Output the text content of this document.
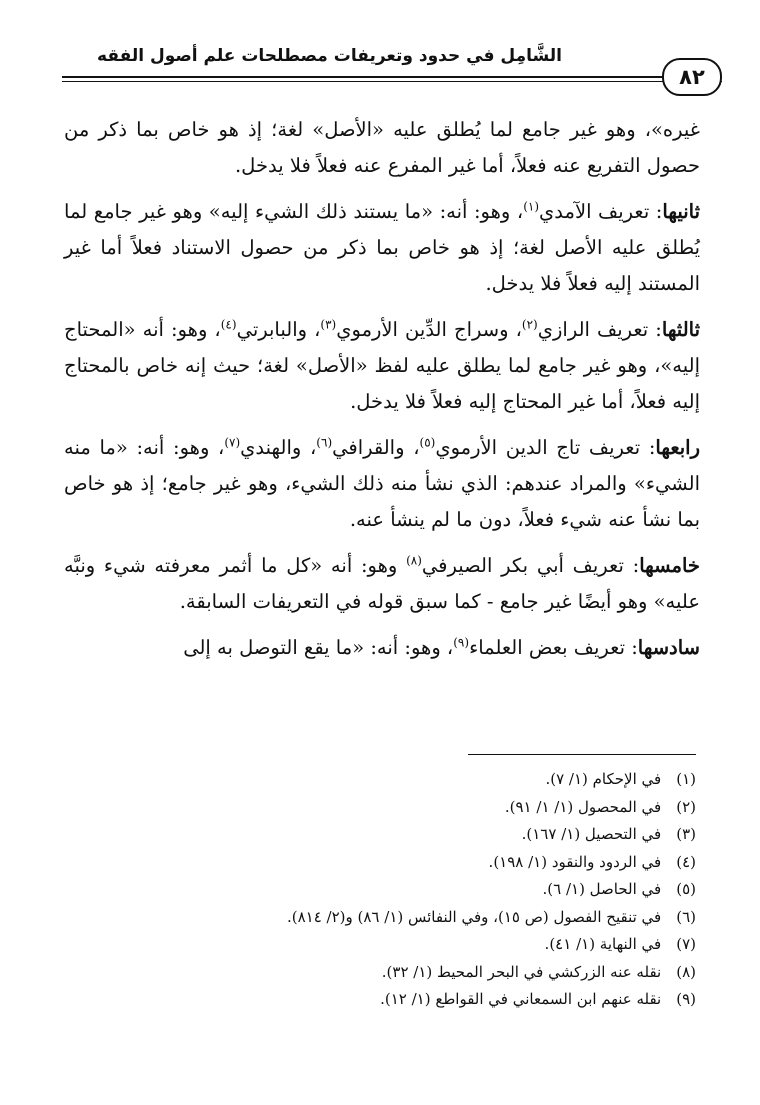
الشَّامِل في حدود وتعريفات مصطلحات علم أصول الفقه
٨٢

غيره»، وهو غير جامع لما يُطلق عليه «الأصل» لغة؛ إذ هو خاص بما ذكر من حصول التفريع عنه فعلاً، أما غير المفرع عنه فعلاً فلا يدخل.

ثانيها: تعريف الآمدي$^{(١)}$، وهو: أنه: «ما يستند ذلك الشيء إليه» وهو غير جامع لما يُطلق عليه الأصل لغة؛ إذ هو خاص بما ذكر من حصول الاستناد فعلاً أما غير المستند إليه فعلاً فلا يدخل.

ثالثها: تعريف الرازي$^{(٢)}$، وسراج الدِّين الأرموي$^{(٣)}$، والبابرتي$^{(٤)}$، وهو: أنه «المحتاج إليه»، وهو غير جامع لما يطلق عليه لفظ «الأصل» لغة؛ حيث إنه خاص بالمحتاج إليه فعلاً، أما غير المحتاج إليه فعلاً فلا يدخل.

رابعها: تعريف تاج الدين الأرموي$^{(٥)}$، والقرافي$^{(٦)}$، والهندي$^{(٧)}$، وهو: أنه: «ما منه الشيء» والمراد عندهم: الذي نشأ منه ذلك الشيء، وهو غير جامع؛ إذ هو خاص بما نشأ عنه شيء فعلاً، دون ما لم ينشأ عنه.

خامسها: تعريف أبي بكر الصيرفي$^{(٨)}$ وهو: أنه «كل ما أثمر معرفته شيء ونبَّه عليه» وهو أيضًا غير جامع - كما سبق قوله في التعريفات السابقة.

سادسها: تعريف بعض العلماء$^{(٩)}$، وهو: أنه: «ما يقع التوصل به إلى

(١) في الإحكام (١/ ٧).
(٢) في المحصول (١/ ١/ ٩١).
(٣) في التحصيل (١/ ١٦٧).
(٤) في الردود والنقود (١/ ١٩٨).
(٥) في الحاصل (١/ ٦).
(٦) في تنقيح الفصول (ص ١٥)، وفي النفائس (١/ ٨٦) و(٢/ ٨١٤).
(٧) في النهاية (١/ ٤١).
(٨) نقله عنه الزركشي في البحر المحيط (١/ ٣٢).
(٩) نقله عنهم ابن السمعاني في القواطع (١/ ١٢).
